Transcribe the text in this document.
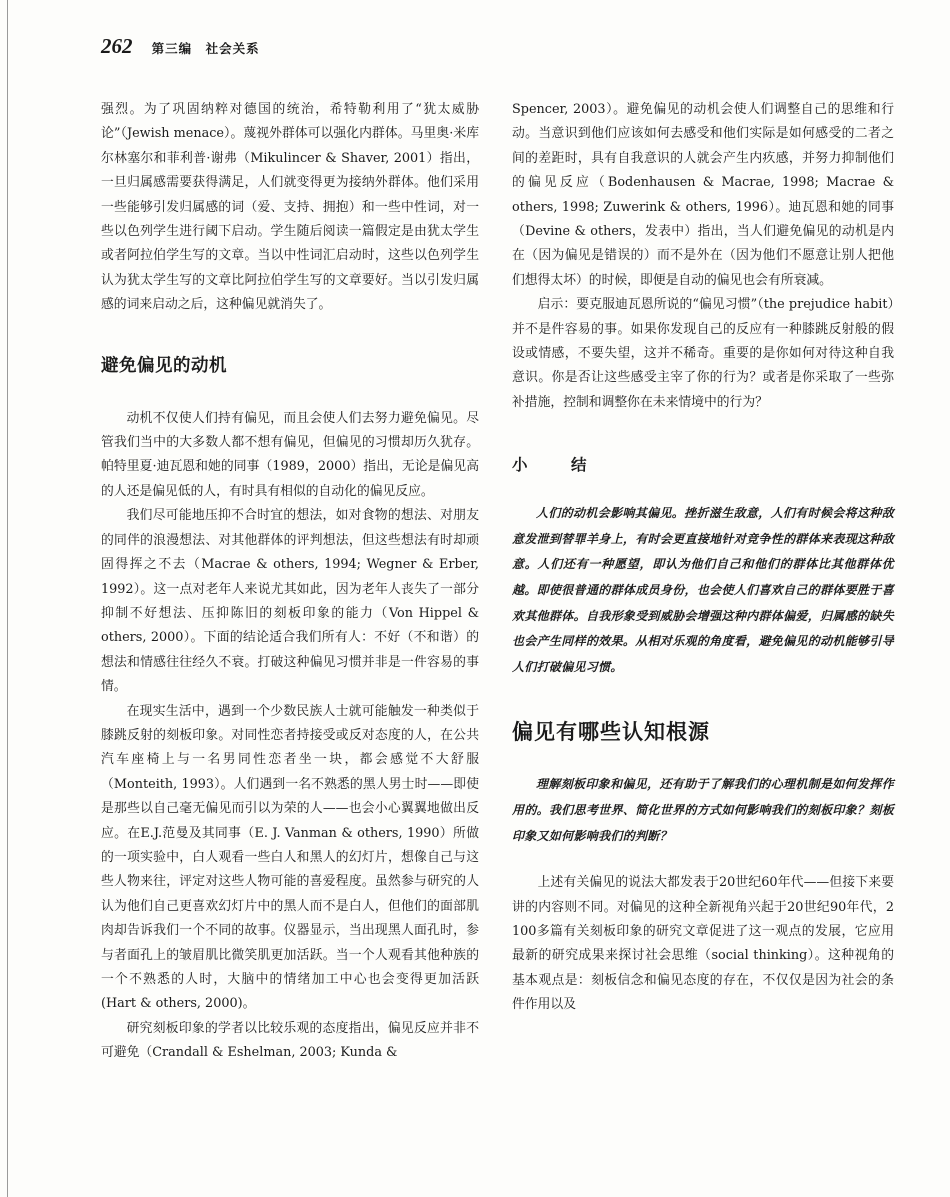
262 第三编　社会关系

强烈。为了巩固纳粹对德国的统治，希特勒利用了“犹太威胁论”（Jewish menace）。蔑视外群体可以强化内群体。马里奥·米库尔林塞尔和菲利普·谢弗（Mikulincer & Shaver, 2001）指出，一旦归属感需要获得满足，人们就变得更为接纳外群体。他们采用一些能够引发归属感的词（爱、支持、拥抱）和一些中性词，对一些以色列学生进行阈下启动。学生随后阅读一篇假定是由犹太学生或者阿拉伯学生写的文章。当以中性词汇启动时，这些以色列学生认为犹太学生写的文章比阿拉伯学生写的文章要好。当以引发归属感的词来启动之后，这种偏见就消失了。

避免偏见的动机

动机不仅使人们持有偏见，而且会使人们去努力避免偏见。尽管我们当中的大多数人都不想有偏见，但偏见的习惯却历久犹存。帕特里夏·迪瓦恩和她的同事（1989，2000）指出，无论是偏见高的人还是偏见低的人，有时具有相似的自动化的偏见反应。

我们尽可能地压抑不合时宜的想法，如对食物的想法、对朋友的同伴的浪漫想法、对其他群体的评判想法，但这些想法有时却顽固得挥之不去（Macrae & others, 1994; Wegner & Erber, 1992）。这一点对老年人来说尤其如此，因为老年人丧失了一部分抑制不好想法、压抑陈旧的刻板印象的能力（Von Hippel & others, 2000）。下面的结论适合我们所有人：不好（不和谐）的想法和情感往往经久不衰。打破这种偏见习惯并非是一件容易的事情。

在现实生活中，遇到一个少数民族人士就可能触发一种类似于膝跳反射的刻板印象。对同性恋者持接受或反对态度的人，在公共汽车座椅上与一名男同性恋者坐一块，都会感觉不大舒服（Monteith, 1993）。人们遇到一名不熟悉的黑人男士时——即使是那些以自己毫无偏见而引以为荣的人——也会小心翼翼地做出反应。在E.J.范曼及其同事（E. J. Vanman & others, 1990）所做的一项实验中，白人观看一些白人和黑人的幻灯片，想像自己与这些人物来往，评定对这些人物可能的喜爱程度。虽然参与研究的人认为他们自己更喜欢幻灯片中的黑人而不是白人，但他们的面部肌肉却告诉我们一个不同的故事。仪器显示，当出现黑人面孔时，参与者面孔上的皱眉肌比微笑肌更加活跃。当一个人观看其他种族的一个不熟悉的人时，大脑中的情绪加工中心也会变得更加活跃(Hart & others, 2000)。

研究刻板印象的学者以比较乐观的态度指出，偏见反应并非不可避免（Crandall & Eshelman, 2003; Kunda &

Spencer, 2003）。避免偏见的动机会使人们调整自己的思维和行动。当意识到他们应该如何去感受和他们实际是如何感受的二者之间的差距时，具有自我意识的人就会产生内疚感，并努力抑制他们的偏见反应（Bodenhausen & Macrae, 1998; Macrae & others, 1998; Zuwerink & others, 1996）。迪瓦恩和她的同事（Devine & others，发表中）指出，当人们避免偏见的动机是内在（因为偏见是错误的）而不是外在（因为他们不愿意让别人把他们想得太坏）的时候，即便是自动的偏见也会有所衰减。

启示：要克服迪瓦恩所说的“偏见习惯”（the prejudice habit）并不是件容易的事。如果你发现自己的反应有一种膝跳反射般的假设或情感，不要失望，这并不稀奇。重要的是你如何对待这种自我意识。你是否让这些感受主宰了你的行为？或者是你采取了一些弥补措施，控制和调整你在未来情境中的行为？

小　结

人们的动机会影响其偏见。挫折滋生敌意，人们有时候会将这种敌意发泄到替罪羊身上，有时会更直接地针对竞争性的群体来表现这种敌意。人们还有一种愿望，即认为他们自己和他们的群体比其他群体优越。即使很普通的群体成员身份，也会使人们喜欢自己的群体要胜于喜欢其他群体。自我形象受到威胁会增强这种内群体偏爱，归属感的缺失也会产生同样的效果。从相对乐观的角度看，避免偏见的动机能够引导人们打破偏见习惯。

偏见有哪些认知根源

理解刻板印象和偏见，还有助于了解我们的心理机制是如何发挥作用的。我们思考世界、简化世界的方式如何影响我们的刻板印象？刻板印象又如何影响我们的判断？

上述有关偏见的说法大都发表于20世纪60年代——但接下来要讲的内容则不同。对偏见的这种全新视角兴起于20世纪90年代，2 100多篇有关刻板印象的研究文章促进了这一观点的发展，它应用最新的研究成果来探讨社会思维（social thinking）。这种视角的基本观点是：刻板信念和偏见态度的存在，不仅仅是因为社会的条件作用以及
